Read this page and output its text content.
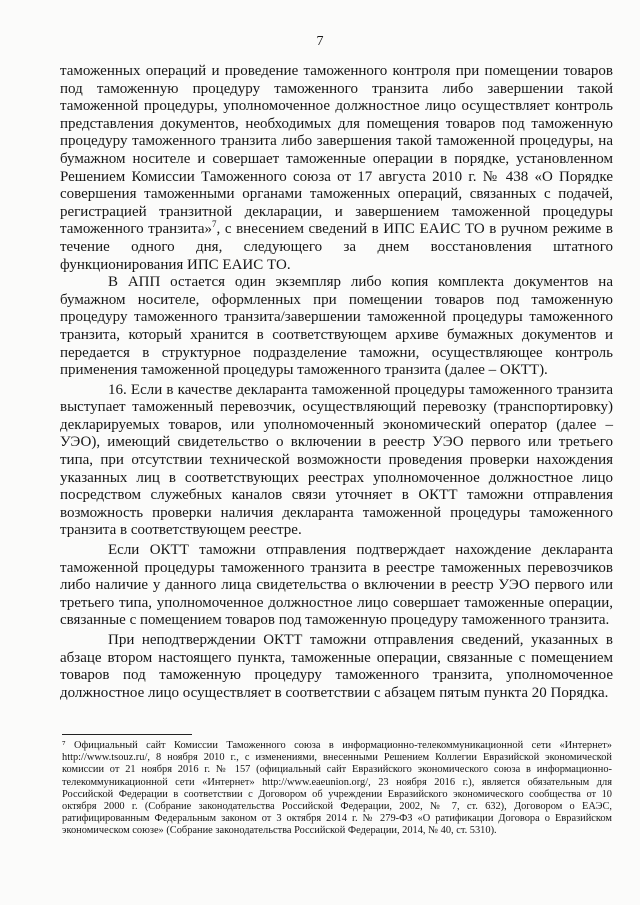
7

таможенных операций и проведение таможенного контроля при помещении товаров под таможенную процедуру таможенного транзита либо завершении такой таможенной процедуры, уполномоченное должностное лицо осуществляет контроль представления документов, необходимых для помещения товаров под таможенную процедуру таможенного транзита либо завершения такой таможенной процедуры, на бумажном носителе и совершает таможенные операции в порядке, установленном Решением Комиссии Таможенного союза от 17 августа 2010 г. № 438 «О Порядке совершения таможенными органами таможенных операций, связанных с подачей, регистрацией транзитной декларации, и завершением таможенной процедуры таможенного транзита»$^7$, с внесением сведений в ИПС ЕАИС ТО в ручном режиме в течение одного дня, следующего за днем восстановления штатного функционирования ИПС ЕАИС ТО.

В АПП остается один экземпляр либо копия комплекта документов на бумажном носителе, оформленных при помещении товаров под таможенную процедуру таможенного транзита/завершении таможенной процедуры таможенного транзита, который хранится в соответствующем архиве бумажных документов и передается в структурное подразделение таможни, осуществляющее контроль применения таможенной процедуры таможенного транзита (далее – ОКТТ).

16. Если в качестве декларанта таможенной процедуры таможенного транзита выступает таможенный перевозчик, осуществляющий перевозку (транспортировку) декларируемых товаров, или уполномоченный экономический оператор (далее – УЭО), имеющий свидетельство о включении в реестр УЭО первого или третьего типа, при отсутствии технической возможности проведения проверки нахождения указанных лиц в соответствующих реестрах уполномоченное должностное лицо посредством служебных каналов связи уточняет в ОКТТ таможни отправления возможность проверки наличия декларанта таможенной процедуры таможенного транзита в соответствующем реестре.

Если ОКТТ таможни отправления подтверждает нахождение декларанта таможенной процедуры таможенного транзита в реестре таможенных перевозчиков либо наличие у данного лица свидетельства о включении в реестр УЭО первого или третьего типа, уполномоченное должностное лицо совершает таможенные операции, связанные с помещением товаров под таможенную процедуру таможенного транзита.

При неподтверждении ОКТТ таможни отправления сведений, указанных в абзаце втором настоящего пункта, таможенные операции, связанные с помещением товаров под таможенную процедуру таможенного транзита, уполномоченное должностное лицо осуществляет в соответствии с абзацем пятым пункта 20 Порядка.

⁷ Официальный сайт Комиссии Таможенного союза в информационно-телекоммуникационной сети «Интернет» http://www.tsouz.ru/, 8 ноября 2010 г., с изменениями, внесенными Решением Коллегии Евразийской экономической комиссии от 21 ноября 2016 г. № 157 (официальный сайт Евразийского экономического союза в информационно-телекоммуникационной сети «Интернет» http://www.eaeunion.org/, 23 ноября 2016 г.), является обязательным для Российской Федерации в соответствии с Договором об учреждении Евразийского экономического сообщества от 10 октября 2000 г. (Собрание законодательства Российской Федерации, 2002, № 7, ст. 632), Договором о ЕАЭС, ратифицированным Федеральным законом от 3 октября 2014 г. № 279-ФЗ «О ратификации Договора о Евразийском экономическом союзе» (Собрание законодательства Российской Федерации, 2014, № 40, ст. 5310).
